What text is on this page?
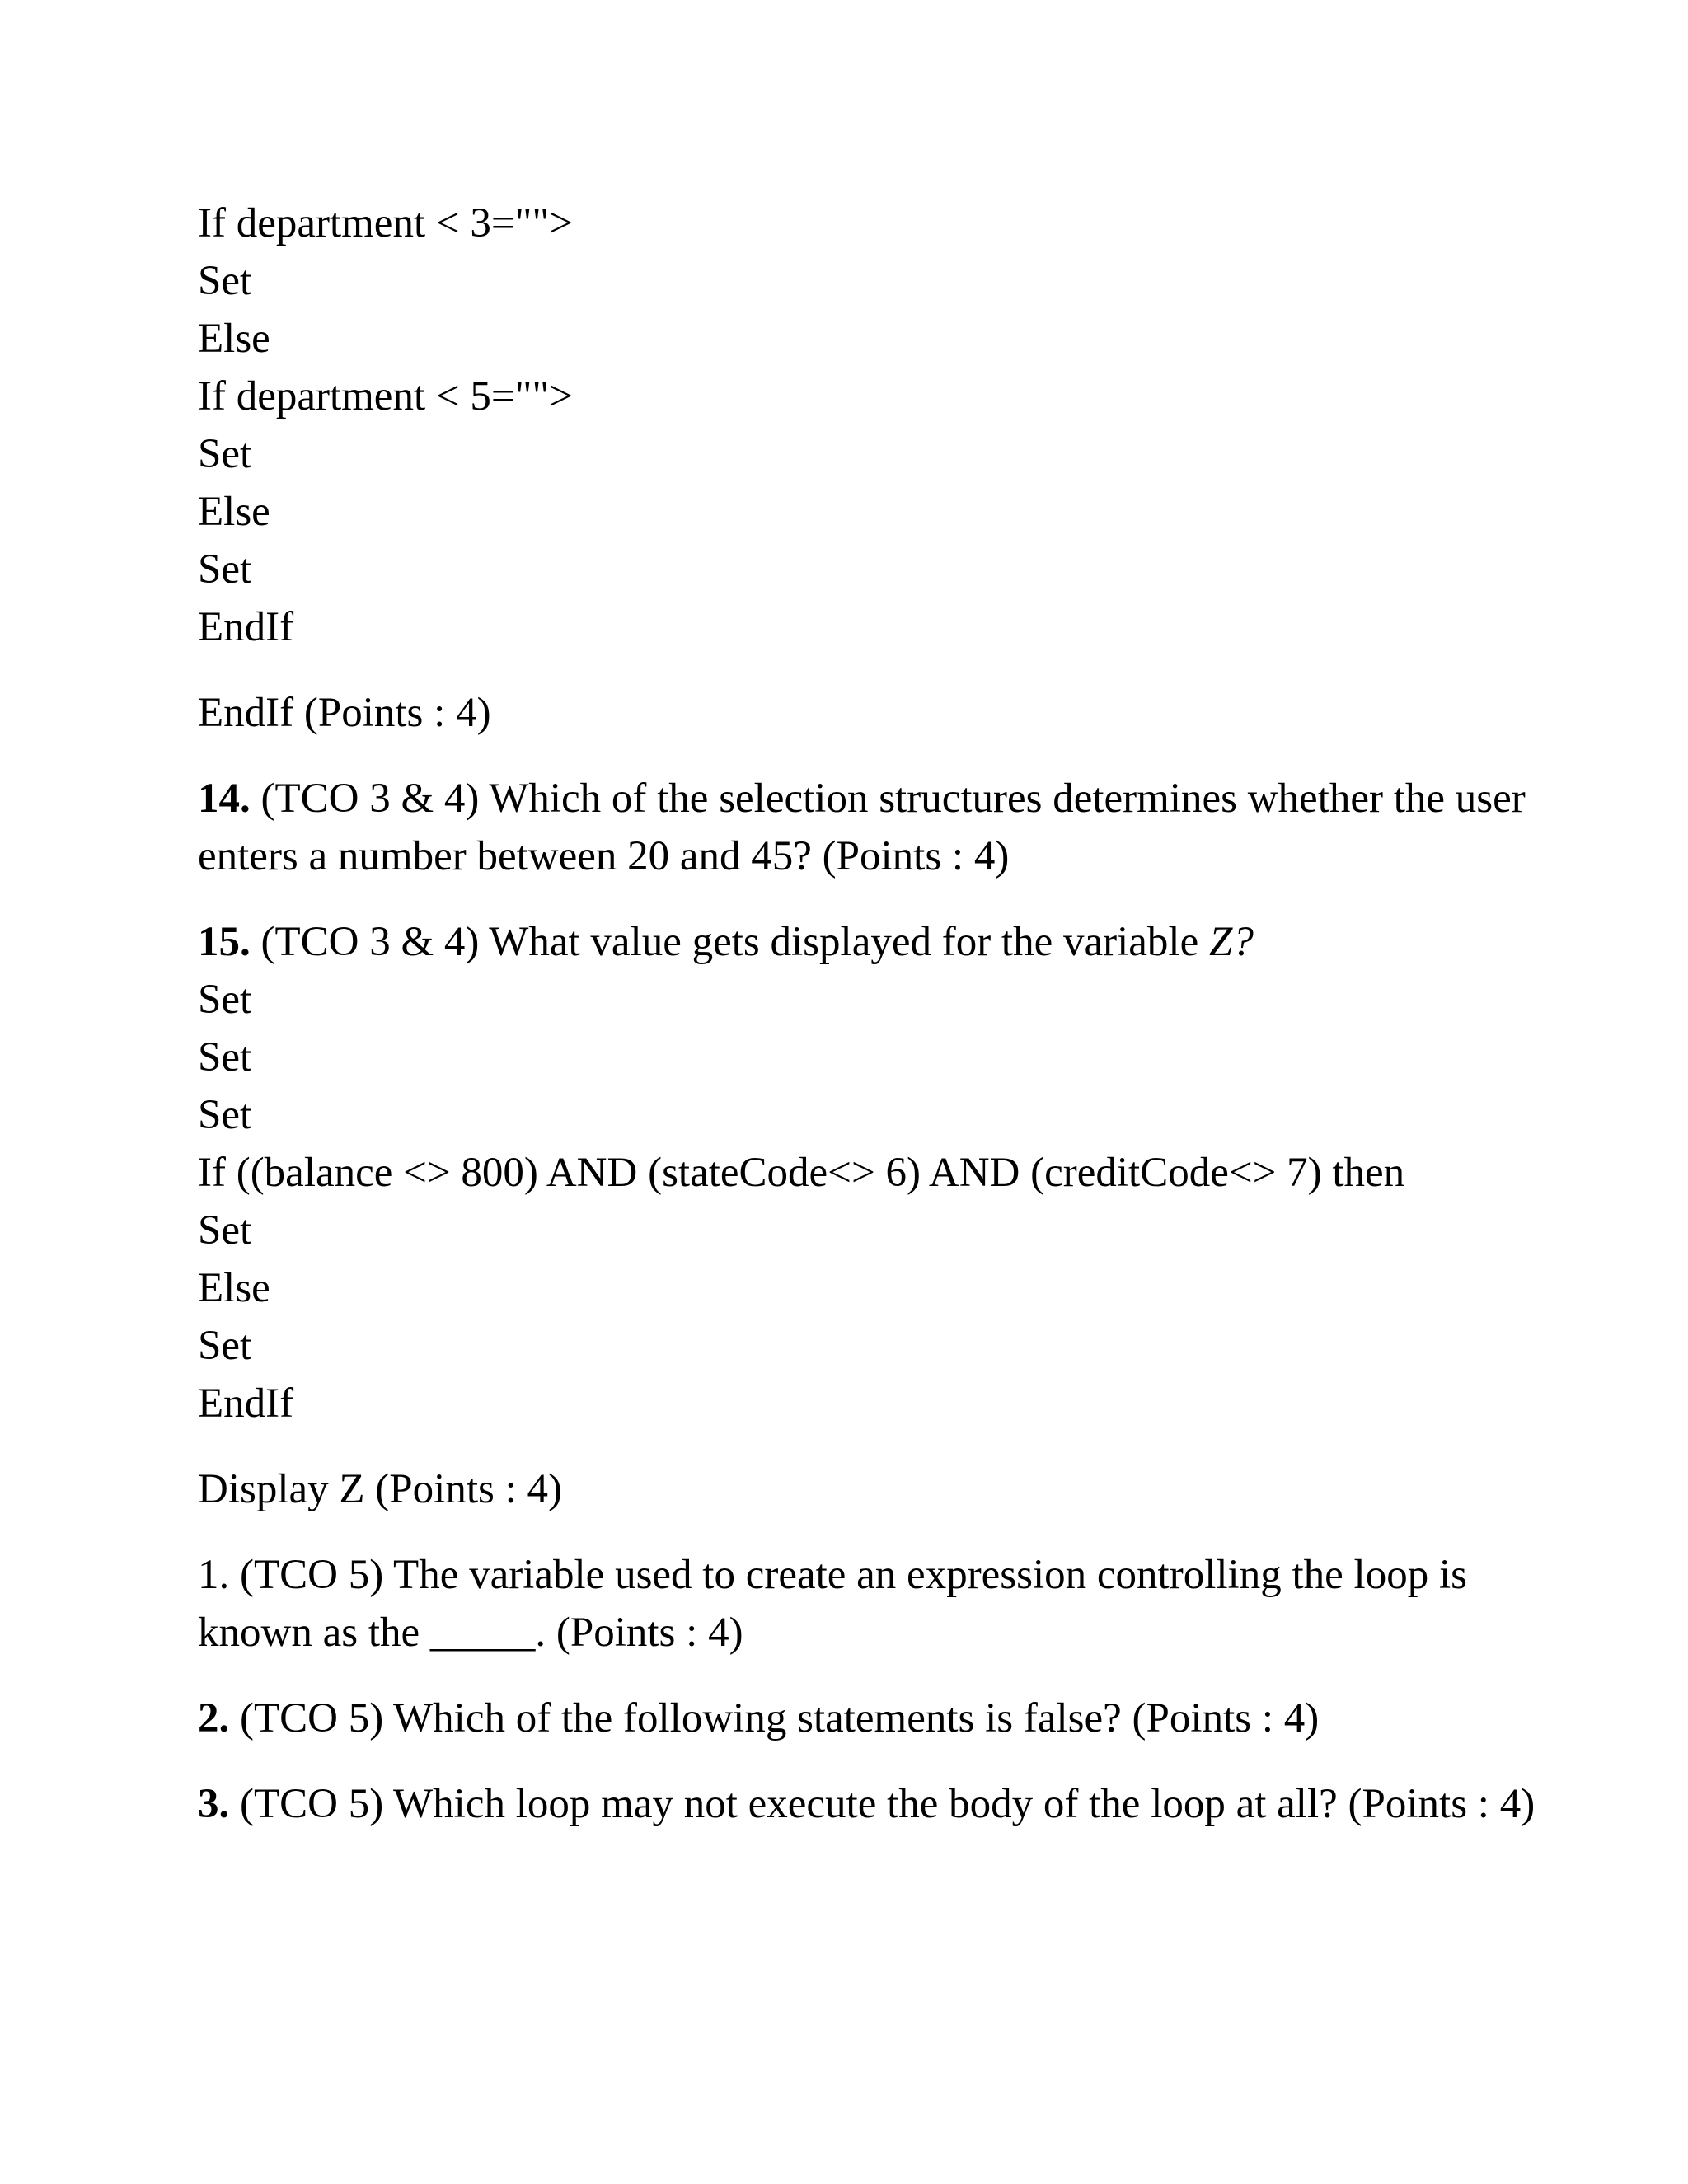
If department < 3="">
Set
Else
If department < 5="">
Set
Else
Set
EndIf

EndIf (Points : 4)

14. (TCO 3 & 4) Which of the selection structures determines whether the user enters a number between 20 and 45? (Points : 4)

15. (TCO 3 & 4) What value gets displayed for the variable Z?
Set
Set
Set
If ((balance <> 800) AND (stateCode<> 6) AND (creditCode<> 7) then
Set
Else
Set
EndIf

Display Z (Points : 4)

1. (TCO 5) The variable used to create an expression controlling the loop is known as the _____. (Points : 4)

2. (TCO 5) Which of the following statements is false? (Points : 4)

3. (TCO 5) Which loop may not execute the body of the loop at all? (Points : 4)
